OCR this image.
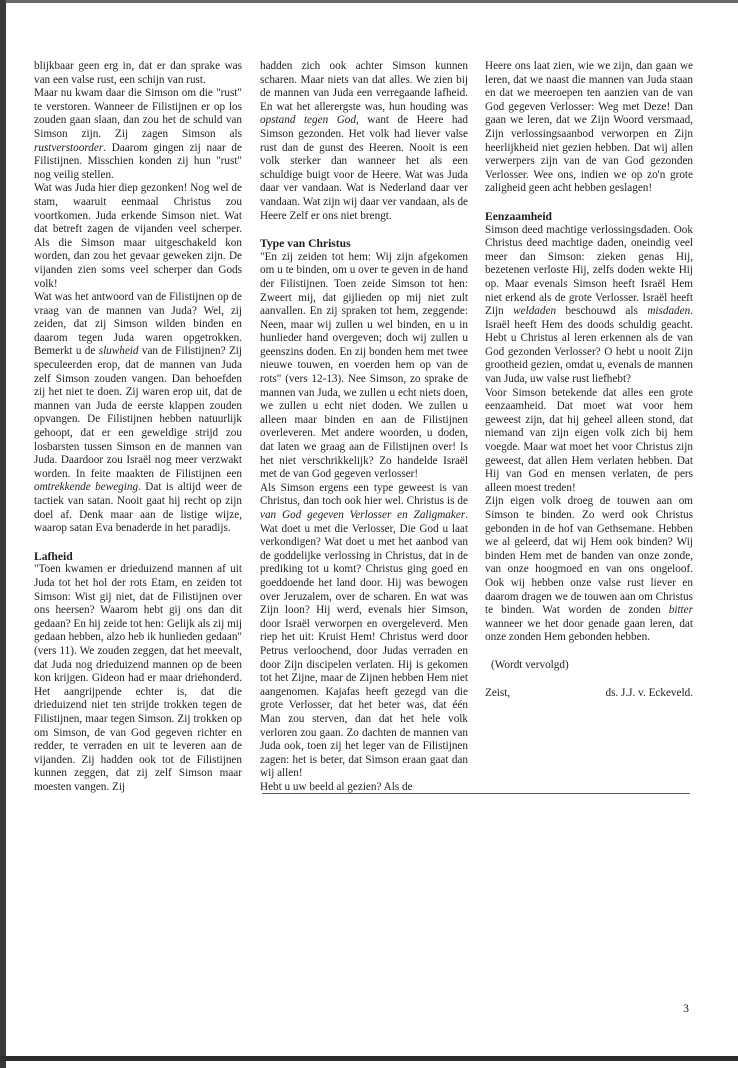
blijkbaar geen erg in, dat er dan sprake was van een valse rust, een schijn van rust.

Maar nu kwam daar die Simson om die "rust" te verstoren. Wanneer de Filistijnen er op los zouden gaan slaan, dan zou het de schuld van Simson zijn. Zij zagen Simson als rustverstoorder. Daarom gingen zij naar de Filistijnen. Misschien konden zij hun "rust" nog veilig stellen.

Wat was Juda hier diep gezonken! Nog wel de stam, waaruit eenmaal Christus zou voortkomen. Juda erkende Simson niet. Wat dat betreft zagen de vijanden veel scherper. Als die Simson maar uitgeschakeld kon worden, dan zou het gevaar geweken zijn. De vijanden zien soms veel scherper dan Gods volk!

Wat was het antwoord van de Filistijnen op de vraag van de mannen van Juda? Wel, zij zeiden, dat zij Simson wilden binden en daarom tegen Juda waren opgetrokken. Bemerkt u de sluwheid van de Filistijnen? Zij speculeerden erop, dat de mannen van Juda zelf Simson zouden vangen. Dan behoefden zij het niet te doen. Zij waren erop uit, dat de mannen van Juda de eerste klappen zouden opvangen. De Filistijnen hebben natuurlijk gehoopt, dat er een geweldige strijd zou losbarsten tussen Simson en de mannen van Juda. Daardoor zou Israël nog meer verzwakt worden. In feite maakten de Filistijnen een omtrekkende beweging. Dat is altijd weer de tactiek van satan. Nooit gaat hij recht op zijn doel af. Denk maar aan de listige wijze, waarop satan Eva benaderde in het paradijs.

Lafheid

"Toen kwamen er drieduizend mannen af uit Juda tot het hol der rots Etam, en zeiden tot Simson: Wist gij niet, dat de Filistijnen over ons heersen? Waarom hebt gij ons dan dit gedaan? En hij zeide tot hen: Gelijk als zij mij gedaan hebben, alzo heb ik hunlieden gedaan" (vers 11). We zouden zeggen, dat het meevalt, dat Juda nog drieduizend mannen op de been kon krijgen. Gideon had er maar driehonderd. Het aangrijpende echter is, dat die drieduizend niet ten strijde trokken tegen de Filistijnen, maar tegen Simson. Zij trokken op om Simson, de van God gegeven richter en redder, te verraden en uit te leveren aan de vijanden. Zij hadden ook tot de Filistijnen kunnen zeggen, dat zij zelf Simson maar moesten vangen. Zij

hadden zich ook achter Simson kunnen scharen. Maar niets van dat alles. We zien bij de mannen van Juda een verregaande lafheid. En wat het allerergste was, hun houding was opstand tegen God, want de Heere had Simson gezonden. Het volk had liever valse rust dan de gunst des Heeren. Nooit is een volk sterker dan wanneer het als een schuldige buigt voor de Heere. Wat was Juda daar ver vandaan. Wat is Nederland daar ver vandaan. Wat zijn wij daar ver vandaan, als de Heere Zelf er ons niet brengt.

Type van Christus

"En zij zeiden tot hem: Wij zijn afgekomen om u te binden, om u over te geven in de hand der Filistijnen. Toen zeide Simson tot hen: Zweert mij, dat gijlieden op mij niet zult aanvallen. En zij spraken tot hem, zeggende: Neen, maar wij zullen u wel binden, en u in hunlieder hand overgeven; doch wij zullen u geenszins doden. En zij bonden hem met twee nieuwe touwen, en voerden hem op van de rots" (vers 12-13). Nee Simson, zo sprake de mannen van Juda, we zullen u echt niets doen, we zullen u echt niet doden. We zullen u alleen maar binden en aan de Filistijnen overleveren. Met andere woorden, u doden, dat laten we graag aan de Filistijnen over! Is het niet verschrikkelijk? Zo handelde Israël met de van God gegeven verlosser!

Als Simson ergens een type geweest is van Christus, dan toch ook hier wel. Christus is de van God gegeven Verlosser en Zaligmaker. Wat doet u met die Verlosser, Die God u laat verkondigen? Wat doet u met het aanbod van de goddelijke verlossing in Christus, dat in de prediking tot u komt? Christus ging goed en goeddoende het land door. Hij was bewogen over Jeruzalem, over de scharen. En wat was Zijn loon? Hij werd, evenals hier Simson, door Israël verworpen en overgeleverd. Men riep het uit: Kruist Hem! Christus werd door Petrus verloochend, door Judas verraden en door Zijn discipelen verlaten. Hij is gekomen tot het Zijne, maar de Zijnen hebben Hem niet aangenomen. Kajafas heeft gezegd van die grote Verlosser, dat het beter was, dat één Man zou sterven, dan dat het hele volk verloren zou gaan. Zo dachten de mannen van Juda ook, toen zij het leger van de Filistijnen zagen: het is beter, dat Simson eraan gaat dan wij allen!

Hebt u uw beeld al gezien? Als de

Heere ons laat zien, wie we zijn, dan gaan we leren, dat we naast die mannen van Juda staan en dat we meeroepen ten aanzien van de van God gegeven Verlosser: Weg met Deze! Dan gaan we leren, dat we Zijn Woord versmaad, Zijn verlossingsaanbod verworpen en Zijn heerlijkheid niet gezien hebben. Dat wij allen verwerpers zijn van de van God gezonden Verlosser. Wee ons, indien we op zo'n grote zaligheid geen acht hebben geslagen!

Eenzaamheid

Simson deed machtige verlossingsdaden. Ook Christus deed machtige daden, oneindig veel meer dan Simson: zieken genas Hij, bezetenen verloste Hij, zelfs doden wekte Hij op. Maar evenals Simson heeft Israël Hem niet erkend als de grote Verlosser. Israël heeft Zijn weldaden beschouwd als misdaden. Israël heeft Hem des doods schuldig geacht. Hebt u Christus al leren erkennen als de van God gezonden Verlosser? O hebt u nooit Zijn grootheid gezien, omdat u, evenals de mannen van Juda, uw valse rust liefhebt?

Voor Simson betekende dat alles een grote eenzaamheid. Dat moet wat voor hem geweest zijn, dat hij geheel alleen stond, dat niemand van zijn eigen volk zich bij hem voegde. Maar wat moet het voor Christus zijn geweest, dat allen Hem verlaten hebben. Dat Hij van God en mensen verlaten, de pers alleen moest treden!

Zijn eigen volk droeg de touwen aan om Simson te binden. Zo werd ook Christus gebonden in de hof van Gethsemane. Hebben we al geleerd, dat wij Hem ook binden? Wij binden Hem met de banden van onze zonde, van onze hoogmoed en van ons ongeloof. Ook wij hebben onze valse rust liever en daarom dragen we de touwen aan om Christus te binden. Wat worden de zonden bitter wanneer we het door genade gaan leren, dat onze zonden Hem gebonden hebben.

(Wordt vervolgd)

Zeist,	ds. J.J. v. Eckeveld.
3
